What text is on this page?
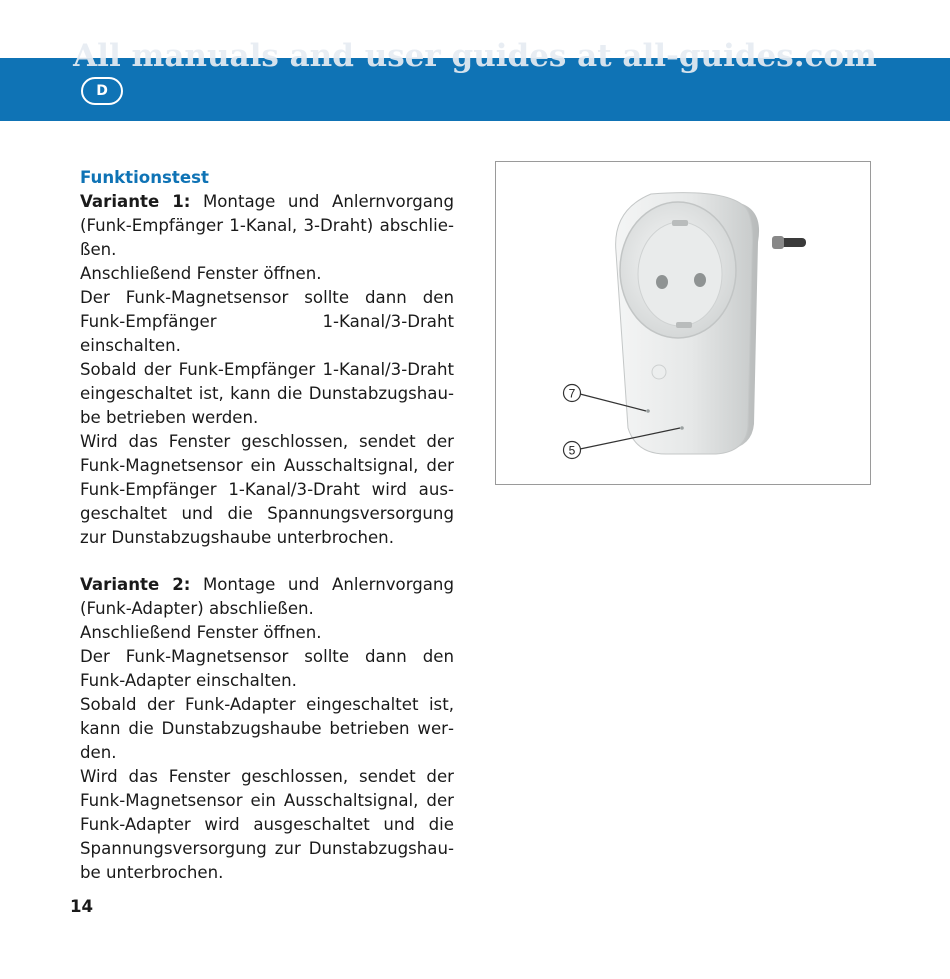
All manuals and user guides at all-guides.com
D
Funktionstest
Variante 1: Montage und Anlernvorgang (Funk-Empfänger 1-Kanal, 3-Draht) abschließen.
Anschließend Fenster öffnen.
Der Funk-Magnetsensor sollte dann den Funk-Empfänger 1-Kanal/3-Draht einschalten.
Sobald der Funk-Empfänger 1-Kanal/3-Draht eingeschaltet ist, kann die Dunstabzugshaube betrieben werden.
Wird das Fenster geschlossen, sendet der Funk-Magnetsensor ein Ausschaltsignal, der Funk-Empfänger 1-Kanal/3-Draht wird ausgeschaltet und die Spannungsversorgung zur Dunstabzugshaube unterbrochen.
Variante 2: Montage und Anlernvorgang (Funk-Adapter) abschließen.
Anschließend Fenster öffnen.
Der Funk-Magnetsensor sollte dann den Funk-Adapter einschalten.
Sobald der Funk-Adapter eingeschaltet ist, kann die Dunstabzugshaube betrieben werden.
Wird das Fenster geschlossen, sendet der Funk-Magnetsensor ein Ausschaltsignal, der Funk-Adapter wird ausgeschaltet und die Spannungsversorgung zur Dunstabzugshaube unterbrochen.
7
5
14
